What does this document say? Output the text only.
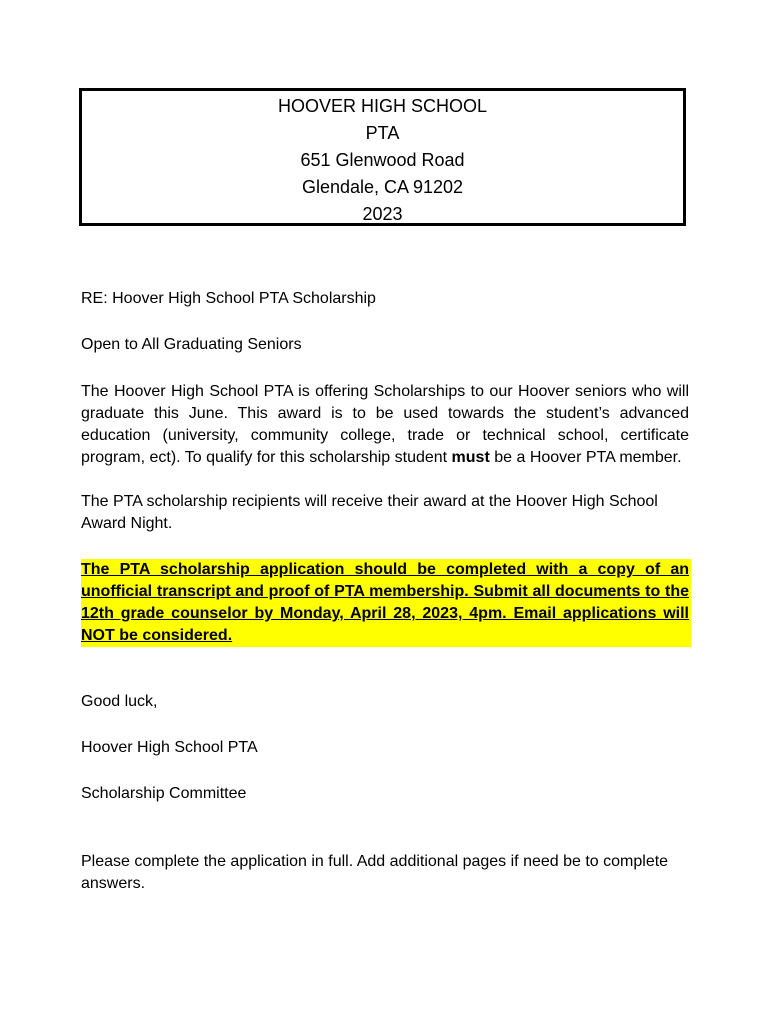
HOOVER HIGH SCHOOL
PTA
651 Glenwood Road
Glendale, CA 91202
2023

RE: Hoover High School PTA Scholarship

Open to All Graduating Seniors

The Hoover High School PTA is offering Scholarships to our Hoover seniors who will graduate this June. This award is to be used towards the student’s advanced education (university, community college, trade or technical school, certificate program, ect). To qualify for this scholarship student must be a Hoover PTA member.

The PTA scholarship recipients will receive their award at the Hoover High School Award Night.

The PTA scholarship application should be completed with a copy of an unofficial transcript and proof of PTA membership. Submit all documents to the 12th grade counselor by Monday, April 28, 2023, 4pm. Email applications will NOT be considered.

Good luck,

Hoover High School PTA

Scholarship Committee

Please complete the application in full. Add additional pages if need be to complete answers.
